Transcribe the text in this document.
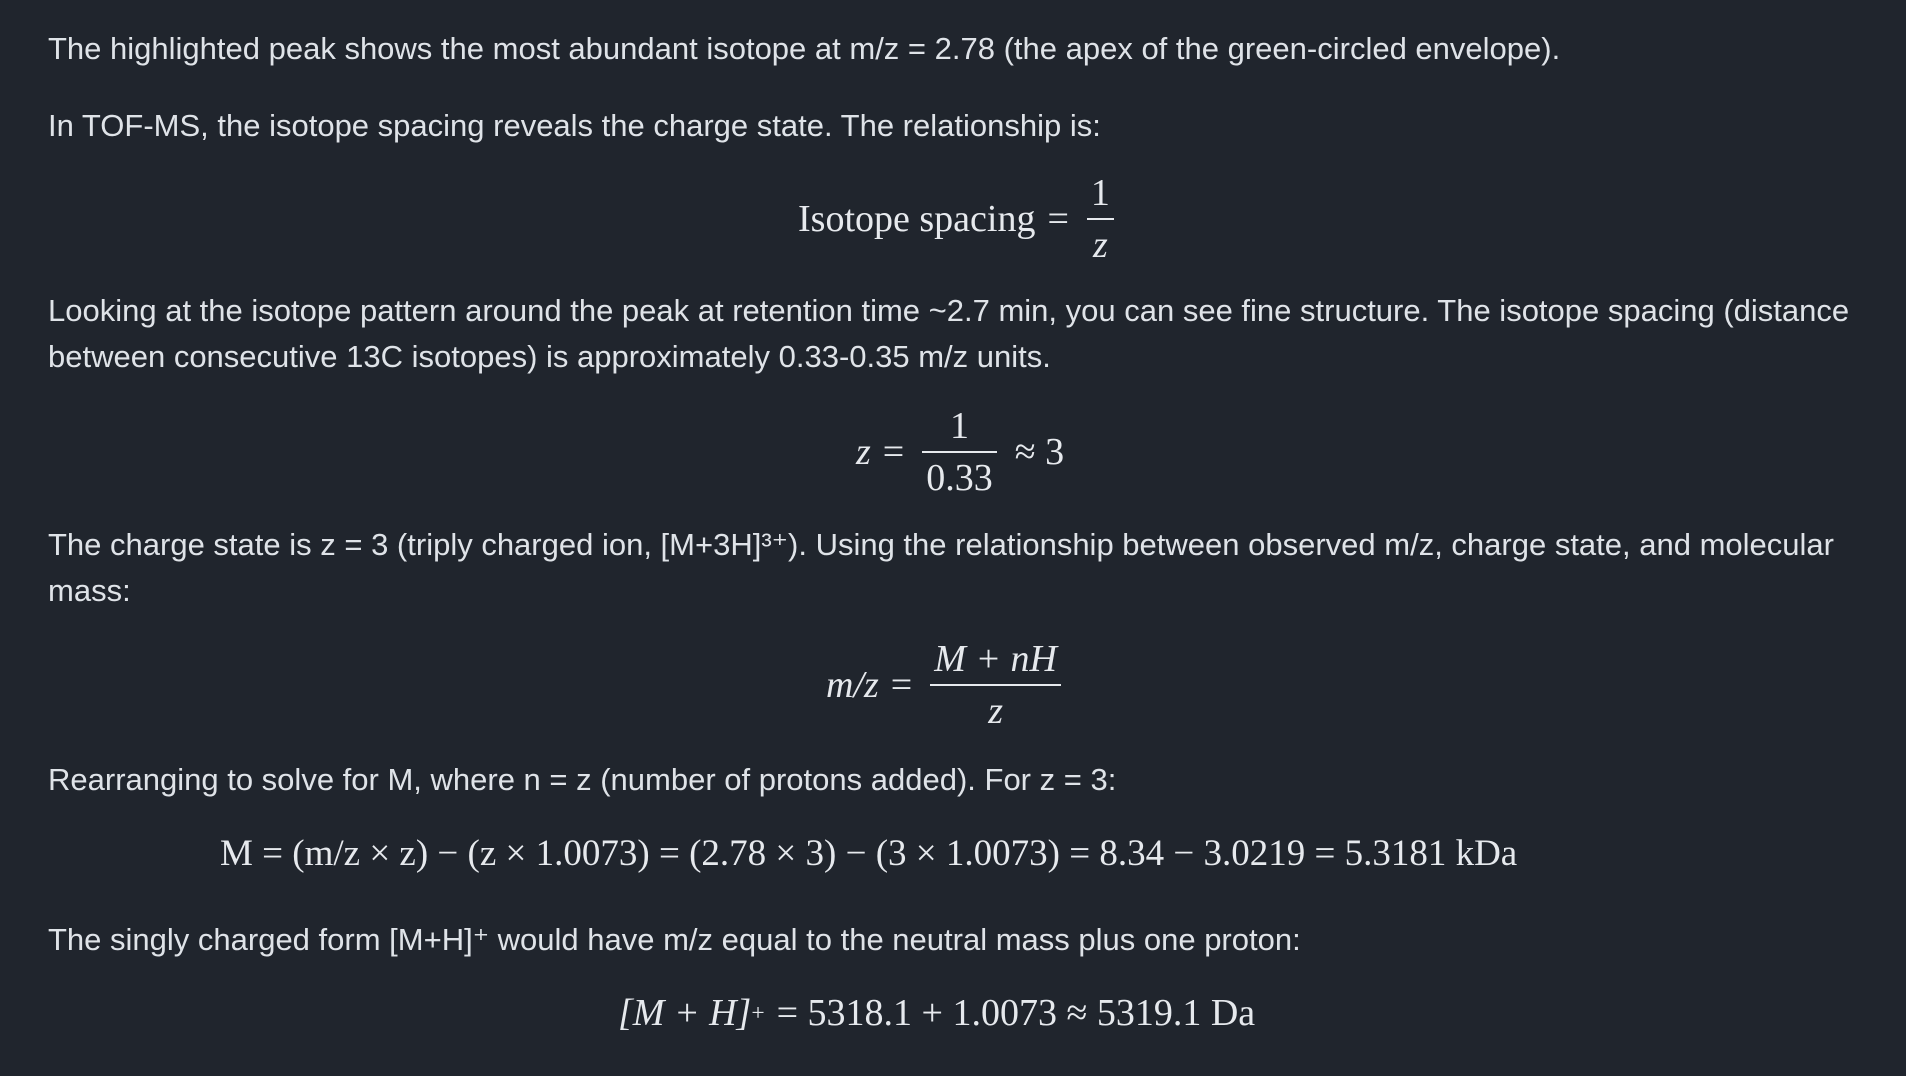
The highlighted peak shows the most abundant isotope at m/z = 2.78 (the apex of the green-circled envelope).
In TOF-MS, the isotope spacing reveals the charge state. The relationship is:
Isotope spacing = $\frac{1}{z}$
Looking at the isotope pattern around the peak at retention time ~2.7 min, you can see fine structure. The isotope spacing (distance between consecutive 13C isotopes) is approximately 0.33-0.35 m/z units.
$z = \frac{1}{0.33} \approx 3$
The charge state is z = 3 (triply charged ion, [M+3H]³⁺). Using the relationship between observed m/z, charge state, and molecular mass:
$m/z = \frac{M + nH}{z}$
Rearranging to solve for M, where n = z (number of protons added). For z = 3:
M = (m/z × z) − (z × 1.0073) = (2.78 × 3) − (3 × 1.0073) = 8.34 − 3.0219 = 5.3181 kDa
The singly charged form [M+H]⁺ would have m/z equal to the neutral mass plus one proton:
[M + H] + = 5318.1 + 1.0073 ≈ 5319.1 Da
